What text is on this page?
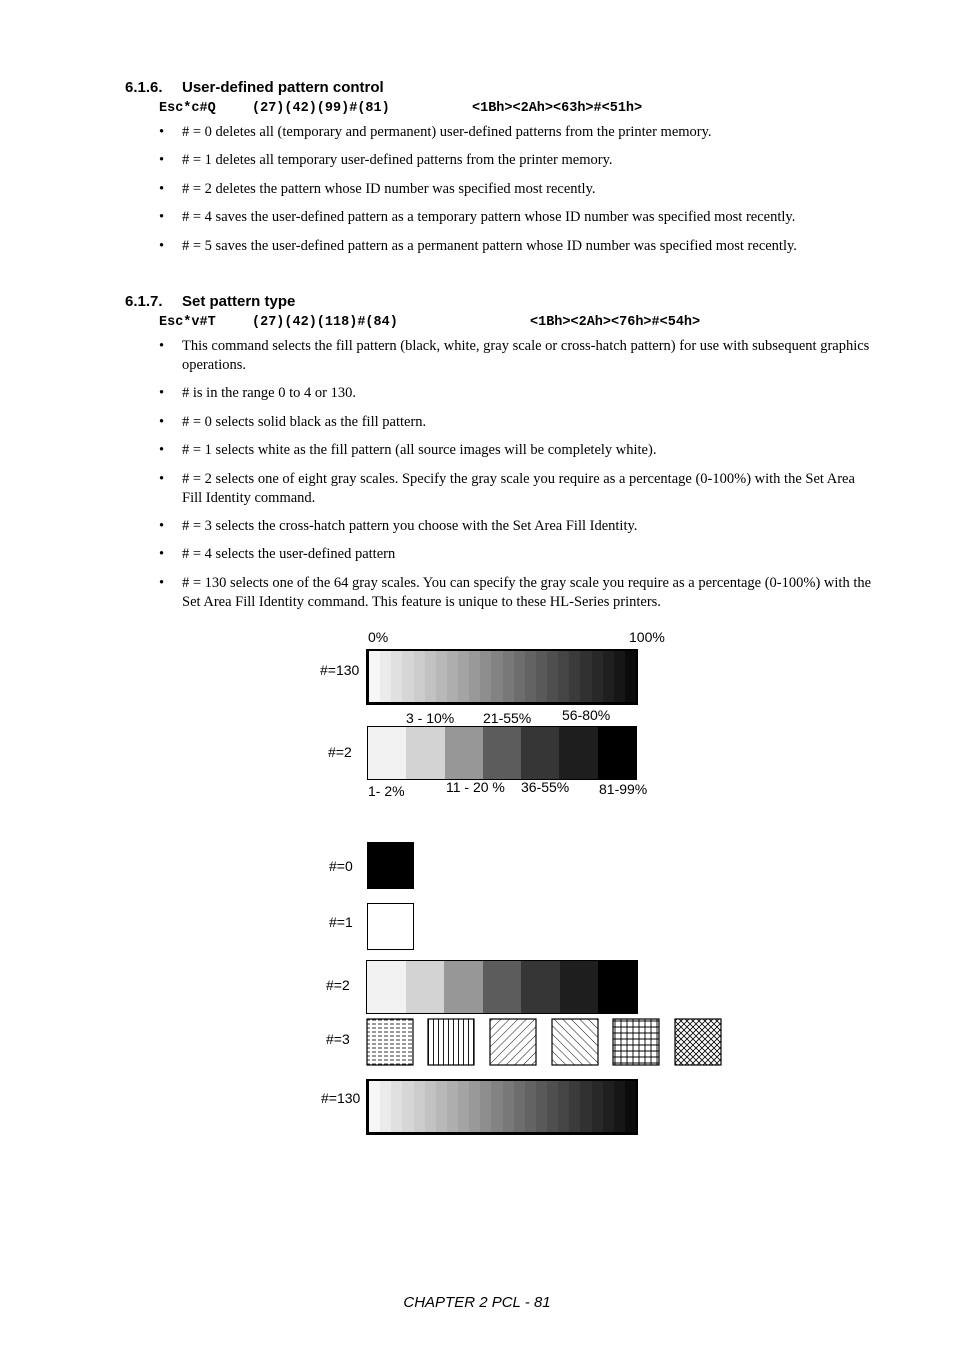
6.1.6. User-defined pattern control
Esc*c#Q	(27)(42)(99)#(81)	<1Bh><2Ah><63h>#<51h>
• # = 0 deletes all (temporary and permanent) user-defined patterns from the printer memory.
• # = 1 deletes all temporary user-defined patterns from the printer memory.
• # = 2 deletes the pattern whose ID number was specified most recently.
• # = 4 saves the user-defined pattern as a temporary pattern whose ID number was specified most recently.
• # = 5 saves the user-defined pattern as a permanent pattern whose ID number was specified most recently.
6.1.7. Set pattern type
Esc*v#T	(27)(42)(118)#(84)	<1Bh><2Ah><76h>#<54h>
• This command selects the fill pattern (black, white, gray scale or cross-hatch pattern) for use with subsequent graphics operations.
• # is in the range 0 to 4 or 130.
• # = 0 selects solid black as the fill pattern.
• # = 1 selects white as the fill pattern (all source images will be completely white).
• # = 2 selects one of eight gray scales. Specify the gray scale you require as a percentage (0-100%) with the Set Area Fill Identity command.
• # = 3 selects the cross-hatch pattern you choose with the Set Area Fill Identity.
• # = 4 selects the user-defined pattern
• # = 130 selects one of the 64 gray scales. You can specify the gray scale you require as a percentage (0-100%) with the Set Area Fill Identity command. This feature is unique to these HL-Series printers.
0%	100%
#=130
3 - 10% 21-55% 56-80%
#=2
1- 2%	11 - 20 % 36-55% 81-99%
#=0
#=1
#=2
#=3
#=130
CHAPTER 2 PCL - 81
